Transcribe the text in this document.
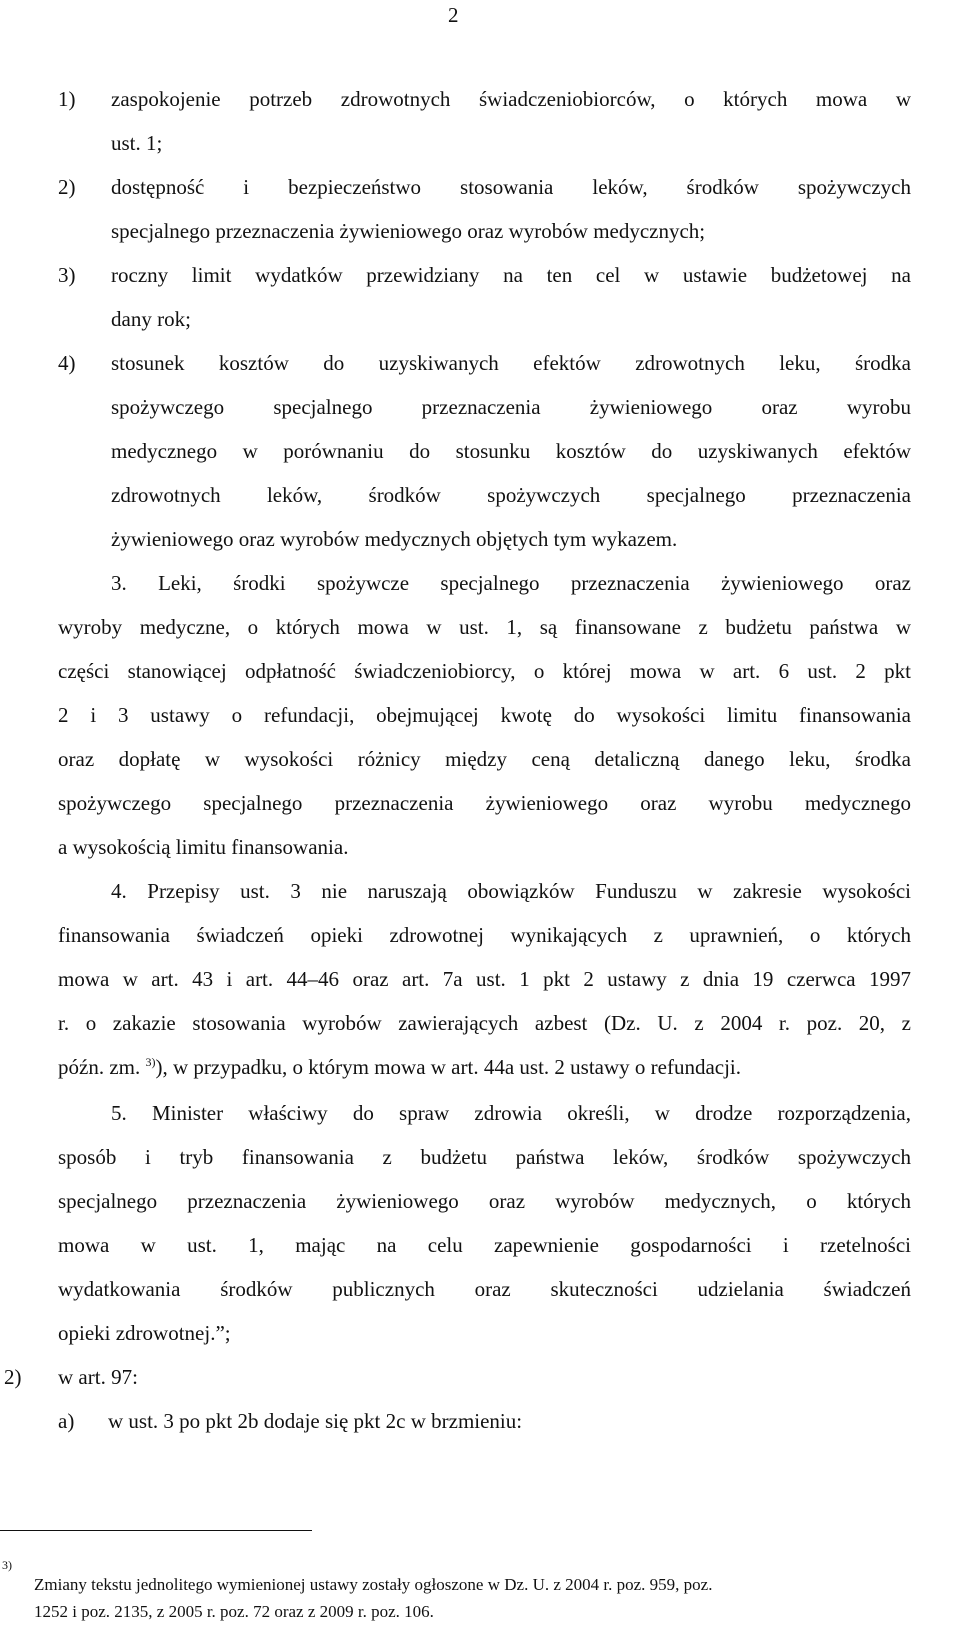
2
1) zaspokojenie potrzeb zdrowotnych świadczeniobiorców, o których mowa w
ust. 1;
2) dostępność i bezpieczeństwo stosowania leków, środków spożywczych
specjalnego przeznaczenia żywieniowego oraz wyrobów medycznych;
3) roczny limit wydatków przewidziany na ten cel w ustawie budżetowej na
dany rok;
4) stosunek kosztów do uzyskiwanych efektów zdrowotnych leku, środka
spożywczego specjalnego przeznaczenia żywieniowego oraz wyrobu
medycznego w porównaniu do stosunku kosztów do uzyskiwanych efektów
zdrowotnych leków, środków spożywczych specjalnego przeznaczenia
żywieniowego oraz wyrobów medycznych objętych tym wykazem.
3. Leki, środki spożywcze specjalnego przeznaczenia żywieniowego oraz
wyroby medyczne, o których mowa w ust. 1, są finansowane z budżetu państwa w
części stanowiącej odpłatność świadczeniobiorcy, o której mowa w art. 6 ust. 2 pkt
2 i 3 ustawy o refundacji, obejmującej kwotę do wysokości limitu finansowania
oraz dopłatę w wysokości różnicy między ceną detaliczną danego leku, środka
spożywczego specjalnego przeznaczenia żywieniowego oraz wyrobu medycznego
a wysokością limitu finansowania.
4. Przepisy ust. 3 nie naruszają obowiązków Funduszu w zakresie wysokości
finansowania świadczeń opieki zdrowotnej wynikających z uprawnień, o których
mowa w art. 43 i art. 44–46 oraz art. 7a ust. 1 pkt 2 ustawy z dnia 19 czerwca 1997
r. o zakazie stosowania wyrobów zawierających azbest (Dz. U. z 2004 r. poz. 20, z
późn. zm. $^{3)}$), w przypadku, o którym mowa w art. 44a ust. 2 ustawy o refundacji.
5. Minister właściwy do spraw zdrowia określi, w drodze rozporządzenia,
sposób i tryb finansowania z budżetu państwa leków, środków spożywczych
specjalnego przeznaczenia żywieniowego oraz wyrobów medycznych, o których
mowa w ust. 1, mając na celu zapewnienie gospodarności i rzetelności
wydatkowania środków publicznych oraz skuteczności udzielania świadczeń
opieki zdrowotnej.”;
2) w art. 97:
a) w ust. 3 po pkt 2b dodaje się pkt 2c w brzmieniu:
3)
Zmiany tekstu jednolitego wymienionej ustawy zostały ogłoszone w Dz. U. z 2004 r. poz. 959, poz.
1252 i poz. 2135, z 2005 r. poz. 72 oraz z 2009 r. poz. 106.
